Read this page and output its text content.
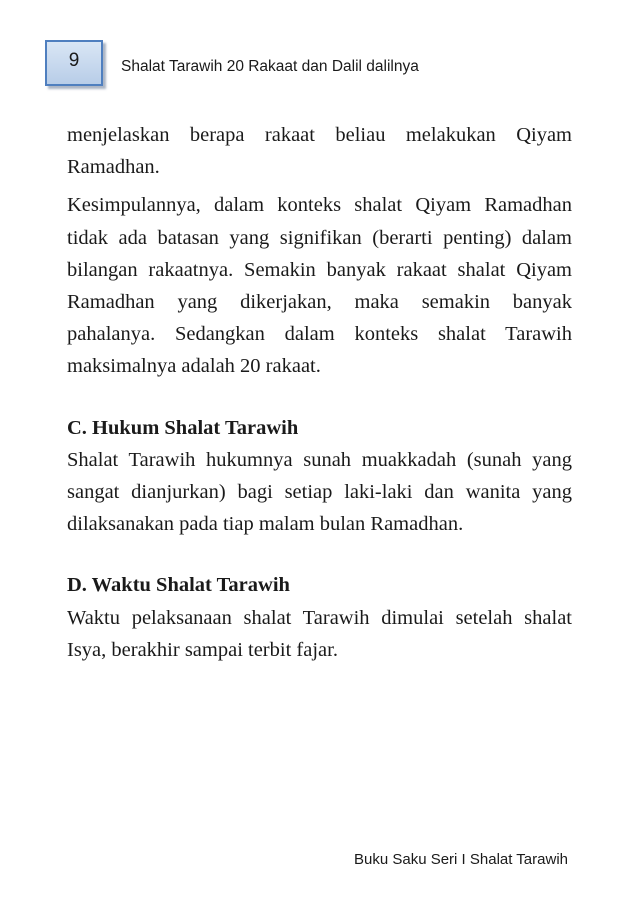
9	Shalat Tarawih 20 Rakaat dan Dalil dalilnya

menjelaskan berapa rakaat beliau melakukan Qiyam Ramadhan.

Kesimpulannya, dalam konteks shalat Qiyam Ramadhan tidak ada batasan yang signifikan (berarti penting) dalam bilangan rakaatnya. Semakin banyak rakaat shalat Qiyam Ramadhan yang dikerjakan, maka semakin banyak pahalanya. Sedangkan dalam konteks shalat Tarawih maksimalnya adalah 20 rakaat.

C. Hukum Shalat Tarawih

Shalat Tarawih hukumnya sunah muakkadah (sunah yang sangat dianjurkan) bagi setiap laki-laki dan wanita yang dilaksanakan pada tiap malam bulan Ramadhan.

D. Waktu Shalat Tarawih

Waktu pelaksanaan shalat Tarawih dimulai setelah shalat Isya, berakhir sampai terbit fajar.

Buku Saku Seri I Shalat Tarawih
